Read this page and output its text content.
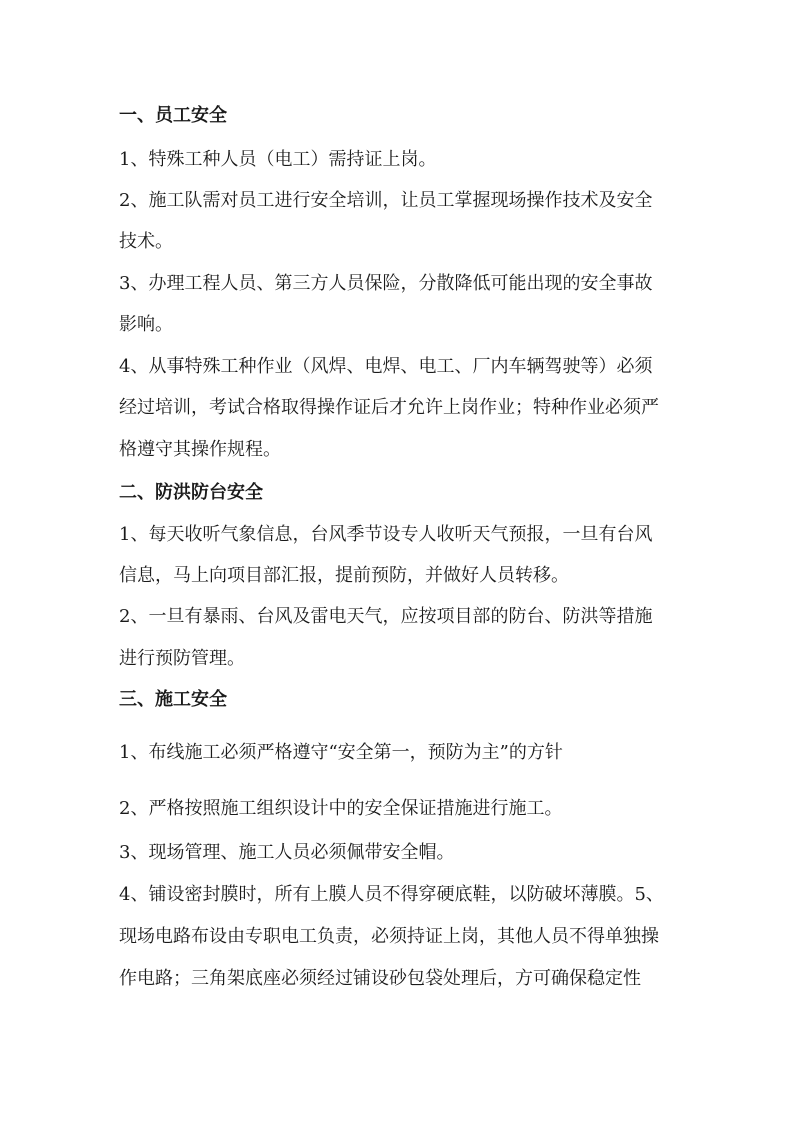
一、员工安全
1、特殊工种人员（电工）需持证上岗。
2、施工队需对员工进行安全培训，让员工掌握现场操作技术及安全
技术。
3、办理工程人员、第三方人员保险，分散降低可能出现的安全事故
影响。
4、从事特殊工种作业（风焊、电焊、电工、厂内车辆驾驶等）必须
经过培训，考试合格取得操作证后才允许上岗作业；特种作业必须严
格遵守其操作规程。
二、防洪防台安全
1、每天收听气象信息，台风季节设专人收听天气预报，一旦有台风
信息，马上向项目部汇报，提前预防，并做好人员转移。
2、一旦有暴雨、台风及雷电天气，应按项目部的防台、防洪等措施
进行预防管理。
三、施工安全
1、布线施工必须严格遵守“安全第一，预防为主”的方针
2、严格按照施工组织设计中的安全保证措施进行施工。
3、现场管理、施工人员必须佩带安全帽。
4、铺设密封膜时，所有上膜人员不得穿硬底鞋，以防破坏薄膜。5、
现场电路布设由专职电工负责，必须持证上岗，其他人员不得单独操
作电路；三角架底座必须经过铺设砂包袋处理后，方可确保稳定性
